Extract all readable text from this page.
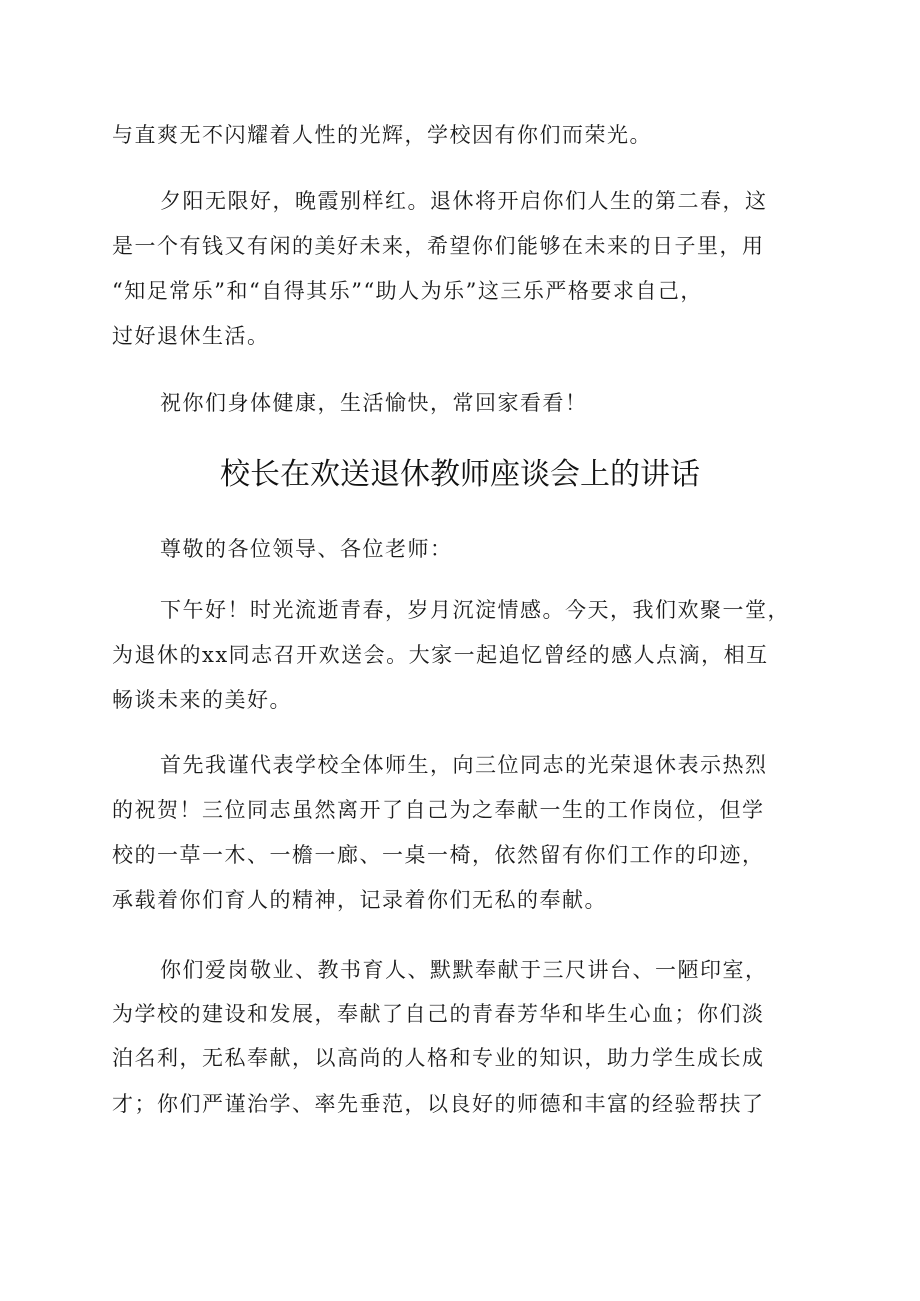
与直爽无不闪耀着人性的光辉，学校因有你们而荣光。
夕阳无限好，晚霞别样红。退休将开启你们人生的第二春，这
是一个有钱又有闲的美好未来，希望你们能够在未来的日子里，用
“知足常乐”和“自得其乐”“助人为乐”这三乐严格要求自己，
过好退休生活。
祝你们身体健康，生活愉快，常回家看看！
校长在欢送退休教师座谈会上的讲话
尊敬的各位领导、各位老师：
下午好！时光流逝青春，岁月沉淀情感。今天，我们欢聚一堂，
为退休的xx同志召开欢送会。大家一起追忆曾经的感人点滴，相互
畅谈未来的美好。
首先我谨代表学校全体师生，向三位同志的光荣退休表示热烈
的祝贺！三位同志虽然离开了自己为之奉献一生的工作岗位，但学
校的一草一木、一檐一廊、一桌一椅，依然留有你们工作的印迹，
承载着你们育人的精神，记录着你们无私的奉献。
你们爱岗敬业、教书育人、默默奉献于三尺讲台、一陋印室，
为学校的建设和发展，奉献了自己的青春芳华和毕生心血；你们淡
泊名利，无私奉献，以高尚的人格和专业的知识，助力学生成长成
才；你们严谨治学、率先垂范，以良好的师德和丰富的经验帮扶了
